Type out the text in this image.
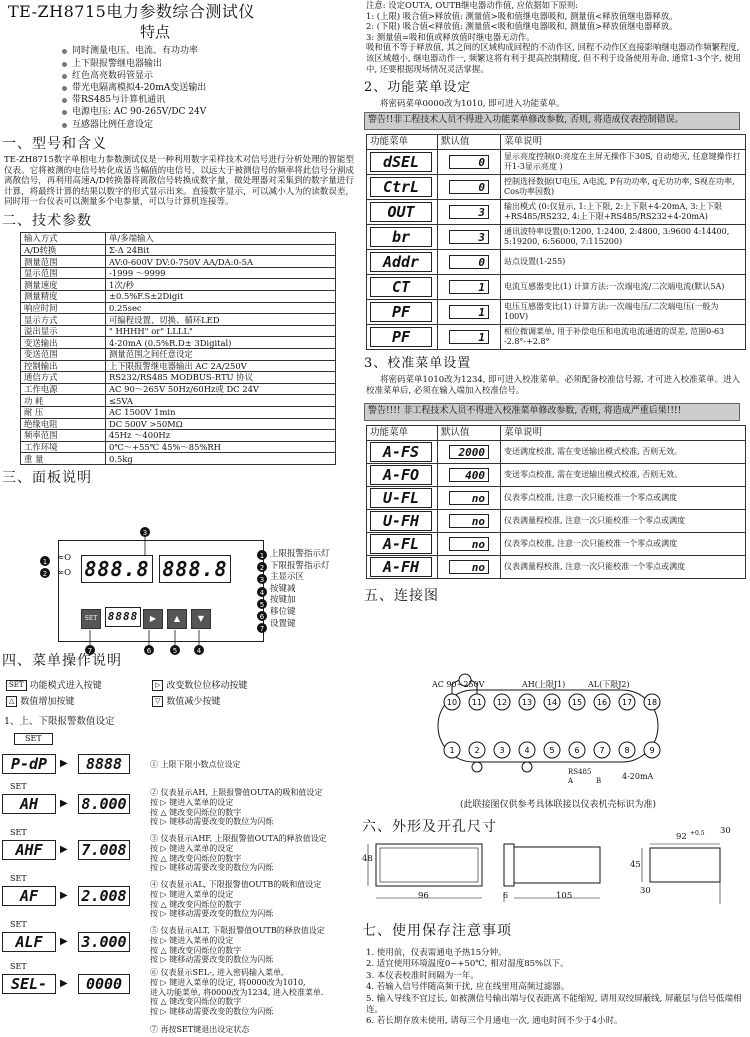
TE-ZH8715电力参数综合测试仪
特点
同时测量电压、电流、有功功率
上下限报警继电器输出
红色高亮数码管显示
带光电隔离模拟4-20mA变送输出
带RS485与计算机通讯
电源电压: AC 90-265V/DC 24V
互感器比例任意设定
一、型号和含义

TE-ZH8715数字单相电力参数测试仪是一种利用数字采样技术对信号进行分析处理的智能型仪表。它将被测的电信号转化成适当幅值的电信号，以远大于被测信号的频率将此信号分割成离散信号，再利用高速A/D转换器将离散信号转换成数字量，微处理器对采集到的数字量进行计算，将最终计算的结果以数字的形式显示出来。直接数字显示，可以减小人为的读数误差，同时用一台仪表可以测量多个电参量，可以与计算机连接等。

二、技术参数
输入方式	单/多端输入
A/D转换	Σ-Δ 24Bit
测量范围	AV:0-600V DV:0-750V AA/DA:0-5A
显示范围	-1999 ～9999
测量速度	1次/秒
测量精度	±0.5%F.S±2Digit
响应时间	0.25sec
显示方式	可编程设置、切换、循环LED
溢出显示	" HHHH" or" LLLL"
变送输出	4-20mA (0.5%R.D± 3Digital)
变送范围	测量范围之间任意设定
控制输出	上下限报警继电器输出 AC 2A/250V
通信方式	RS232/RS485 MODBUS-RTU 协议
工作电源	AC 90～265V 50Hz/60Hz或 DC 24V
功 耗	≤5VA
耐 压	AC 1500V 1min
绝缘电阻	DC 500V >50MΩ
频率范围	45Hz ～400Hz
工作环境	0℃～+55℃ 45%～85%RH
重 量	0.5kg
三、面板说明
≈O
∞O 888.8 888.8
SET 8888	▶	▲	▼
1
2
3
7	6	5	4
1
2
3
4
5
6
7
上限报警指示灯
下限报警指示灯
主显示区
按键减
按键加
移位键
设置键
四、菜单操作说明
SET 功能模式进入按键	▷ 改变数位位移动按键
△ 数值增加按键	▽ 数值减少按键
1、上、下限报警数值设定
SET
P-dP	8888
▶	① 上限下限小数点位设定
SET
AH	8.000
▶
② 仪表显示AH, 上限报警值OUTA的吸和值设定
按 ▷ 键进入菜单的设定
按 △ 键改变闪烁位的数字
按 ▷ 键移动需要改变的数位为闪烁
SET
AHF	7.008
▶
③ 仪表显示AHF, 上限报警值OUTA的释放值设定
按 ▷ 键进入菜单的设定
按 △ 键改变闪烁位的数字
按 ▷ 键移动需要改变的数位为闪烁
SET
AF	2.008
▶
④ 仪表显示AL, 下限报警值OUTB的吸和值设定
按 ▷ 键进入菜单的设定
按 △ 键改变闪烁位的数字
按 ▷ 键移动需要改变的数位为闪烁
SET
ALF	3.000
▶
⑤ 仪表显示ALT, 下限报警值OUTB的释放值设定
按 ▷ 键进入菜单的设定
按 △ 键改变闪烁位的数字
按 ▷ 键移动需要改变的数位为闪烁
SET
SEL-	0000
▶
⑥ 仪表显示SEL-, 进入密码输入菜单,
按 ▷ 键进入菜单的设定, 将0000改为1010,
进入功能菜单, 将0000改为1234, 进入校准菜单.
按 △ 键改变闪烁位的数字
按 ▷ 键移动需要改变的数位为闪烁
⑦ 再按SET键退出设定状态
注意: 设定OUTA, OUTB继电器动作值, 应依据如下原则:
1: (上限) 吸合值>释放值: 测量值>吸和值继电器吸和, 测量值<释放值继电器释放。
2: (下限) 吸合值<释放值: 测量值<吸和值继电器吸和, 测量值>释放值继电器释放。
3: 测量值=吸和值或释放值时继电器无动作。
吸和值不等于释放值, 其之间的区域构成回程的不动作区, 回程不动作区直接影响继电器动作频繁程度, 该区域越小, 继电器动作一, 频繁这将有利于提高控制精度, 但不利于设备使用寿命, 通常1-3个字, 使用中, 还要根据现场情况灵活掌握。
2、功能菜单设定

将密码菜单0000改为1010, 即可进入功能菜单。

警告!!非工程技术人员不得进入功能菜单修改参数, 否则, 将造成仪表控制错误。
功能菜单	默认值	菜单说明
dSEL	0	显示亮度控制(0:亮度在主屏无操作下30S, 自动熄灭, 任意键操作打开1-3显示亮度 )
CtrL	0	控制选择数据(U电压, A电流, P有功功率, q无功功率, S视在功率, Cos功率因数)
OUT	3	输出模式 (0:仅显示, 1:上下限, 2:上下限+4-20mA, 3:上下限+RS485/RS232, 4:上下限+RS485/RS232+4-20mA)
br	3	通讯波特率设置(0:1200, 1:2400, 2:4800, 3:9600 4:14400, 5:19200, 6:56000, 7:115200)
Addr	0	站点设置(1-255)
CT	1	电流互感器变比(1) 计算方法:一次端电流/二次端电流(默认5A)
PF	1	电压互感器变比(1) 计算方法:一次端电压/二次端电压(一般为100V)
PF	1	相位微调菜单, 用于补偿电压和电流电流通道的误差, 范围0-63 -2.8°-+2.8°
3、校准菜单设置

将密码菜单1010改为1234, 即可进入校准菜单。必须配备校准信号源, 才可进入校准菜单。进入校准菜单后, 必须在输入端加入校准信号。

警告!!!! 非工程技术人员不得进入校准菜单修改参数, 否则, 将造成严重后果!!!!
功能菜单	默认值	菜单说明
A-FS	2000	变送满度校准, 需在变送输出模式校准, 否则无效。
A-FO	400	变送零点校准, 需在变送输出模式校准, 否则无效。
U-FL	no	仪表零点校准, 注意一次只能校准一个零点或满度
U-FH	no	仪表满量程校准, 注意一次只能校准一个零点或满度
A-FL	no	仪表零点校准, 注意一次只能校准一个零点或满度
A-FH	no	仪表满量程校准, 注意一次只能校准一个零点或满度
五、连接图
10 11 12 13 14 15 16 17 18
1 2 3 4 5 6 7 8 9
AC 90~250V	AH(上限J1)	AL(下限J2)
RS485
A	B	4-20mA
(此联接图仅供参考具体联接以仪表机壳标识为准)
六、外形及开孔尺寸
48
96	6	105
92 +0.5 30
45
30
七、使用保存注意事项
1. 使用前，仪表需通电予热15分钟。
2. 适宜使用环境温度0~+50℃, 相对湿度85%以下。
3. 本仪表校准时间隔为一年。
4. 若输入信号伴随高频干扰, 应在线里用高频过滤器。
5. 输入导线不宜过长, 如被测信号输出端与仪表距离不能缩短, 请用双绞屏蔽线, 屏蔽层与信号低端相连。
6. 若长期存放未使用, 请每三个月通电一次, 通电时间不少于4小时。
